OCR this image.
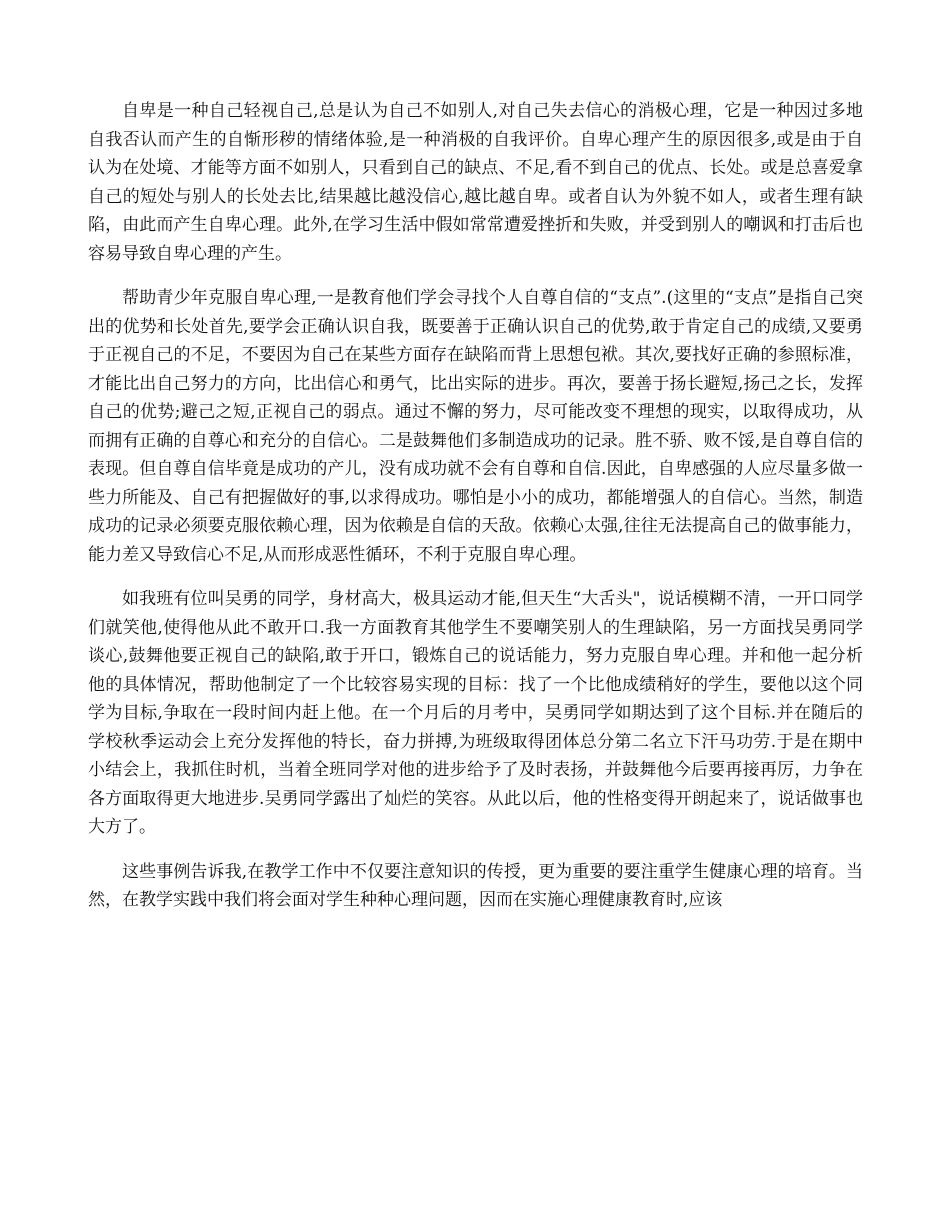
自卑是一种自己轻视自己,总是认为自己不如别人,对自己失去信心的消极心理，它是一种因过多地自我否认而产生的自惭形秽的情绪体验,是一种消极的自我评价。自卑心理产生的原因很多,或是由于自认为在处境、才能等方面不如别人，只看到自己的缺点、不足,看不到自己的优点、长处。或是总喜爱拿自己的短处与别人的长处去比,结果越比越没信心,越比越自卑。或者自认为外貌不如人，或者生理有缺陷，由此而产生自卑心理。此外,在学习生活中假如常常遭爱挫折和失败，并受到别人的嘲讽和打击后也容易导致自卑心理的产生。

帮助青少年克服自卑心理,一是教育他们学会寻找个人自尊自信的“支点”.(这里的“支点”是指自己突出的优势和长处首先,要学会正确认识自我，既要善于正确认识自己的优势,敢于肯定自己的成绩,又要勇于正视自己的不足，不要因为自己在某些方面存在缺陷而背上思想包袱。其次,要找好正确的参照标准，才能比出自己努力的方向，比出信心和勇气，比出实际的进步。再次，要善于扬长避短,扬己之长，发挥自己的优势;避己之短,正视自己的弱点。通过不懈的努力，尽可能改变不理想的现实，以取得成功，从而拥有正确的自尊心和充分的自信心。二是鼓舞他们多制造成功的记录。胜不骄、败不馁,是自尊自信的表现。但自尊自信毕竟是成功的产儿，没有成功就不会有自尊和自信.因此，自卑感强的人应尽量多做一些力所能及、自己有把握做好的事,以求得成功。哪怕是小小的成功，都能增强人的自信心。当然，制造成功的记录必须要克服依赖心理，因为依赖是自信的天敌。依赖心太强,往往无法提高自己的做事能力，能力差又导致信心不足,从而形成恶性循环，不利于克服自卑心理。

如我班有位叫吴勇的同学，身材高大，极具运动才能,但天生“大舌头"，说话模糊不清，一开口同学们就笑他,使得他从此不敢开口.我一方面教育其他学生不要嘲笑别人的生理缺陷，另一方面找吴勇同学谈心,鼓舞他要正视自己的缺陷,敢于开口，锻炼自己的说话能力，努力克服自卑心理。并和他一起分析他的具体情况，帮助他制定了一个比较容易实现的目标：找了一个比他成绩稍好的学生，要他以这个同学为目标,争取在一段时间内赶上他。在一个月后的月考中，吴勇同学如期达到了这个目标.并在随后的学校秋季运动会上充分发挥他的特长，奋力拼搏,为班级取得团体总分第二名立下汗马功劳.于是在期中小结会上，我抓住时机，当着全班同学对他的进步给予了及时表扬，并鼓舞他今后要再接再厉，力争在各方面取得更大地进步.吴勇同学露出了灿烂的笑容。从此以后，他的性格变得开朗起来了，说话做事也大方了。

这些事例告诉我,在教学工作中不仅要注意知识的传授，更为重要的要注重学生健康心理的培育。当然，在教学实践中我们将会面对学生种种心理问题，因而在实施心理健康教育时,应该
